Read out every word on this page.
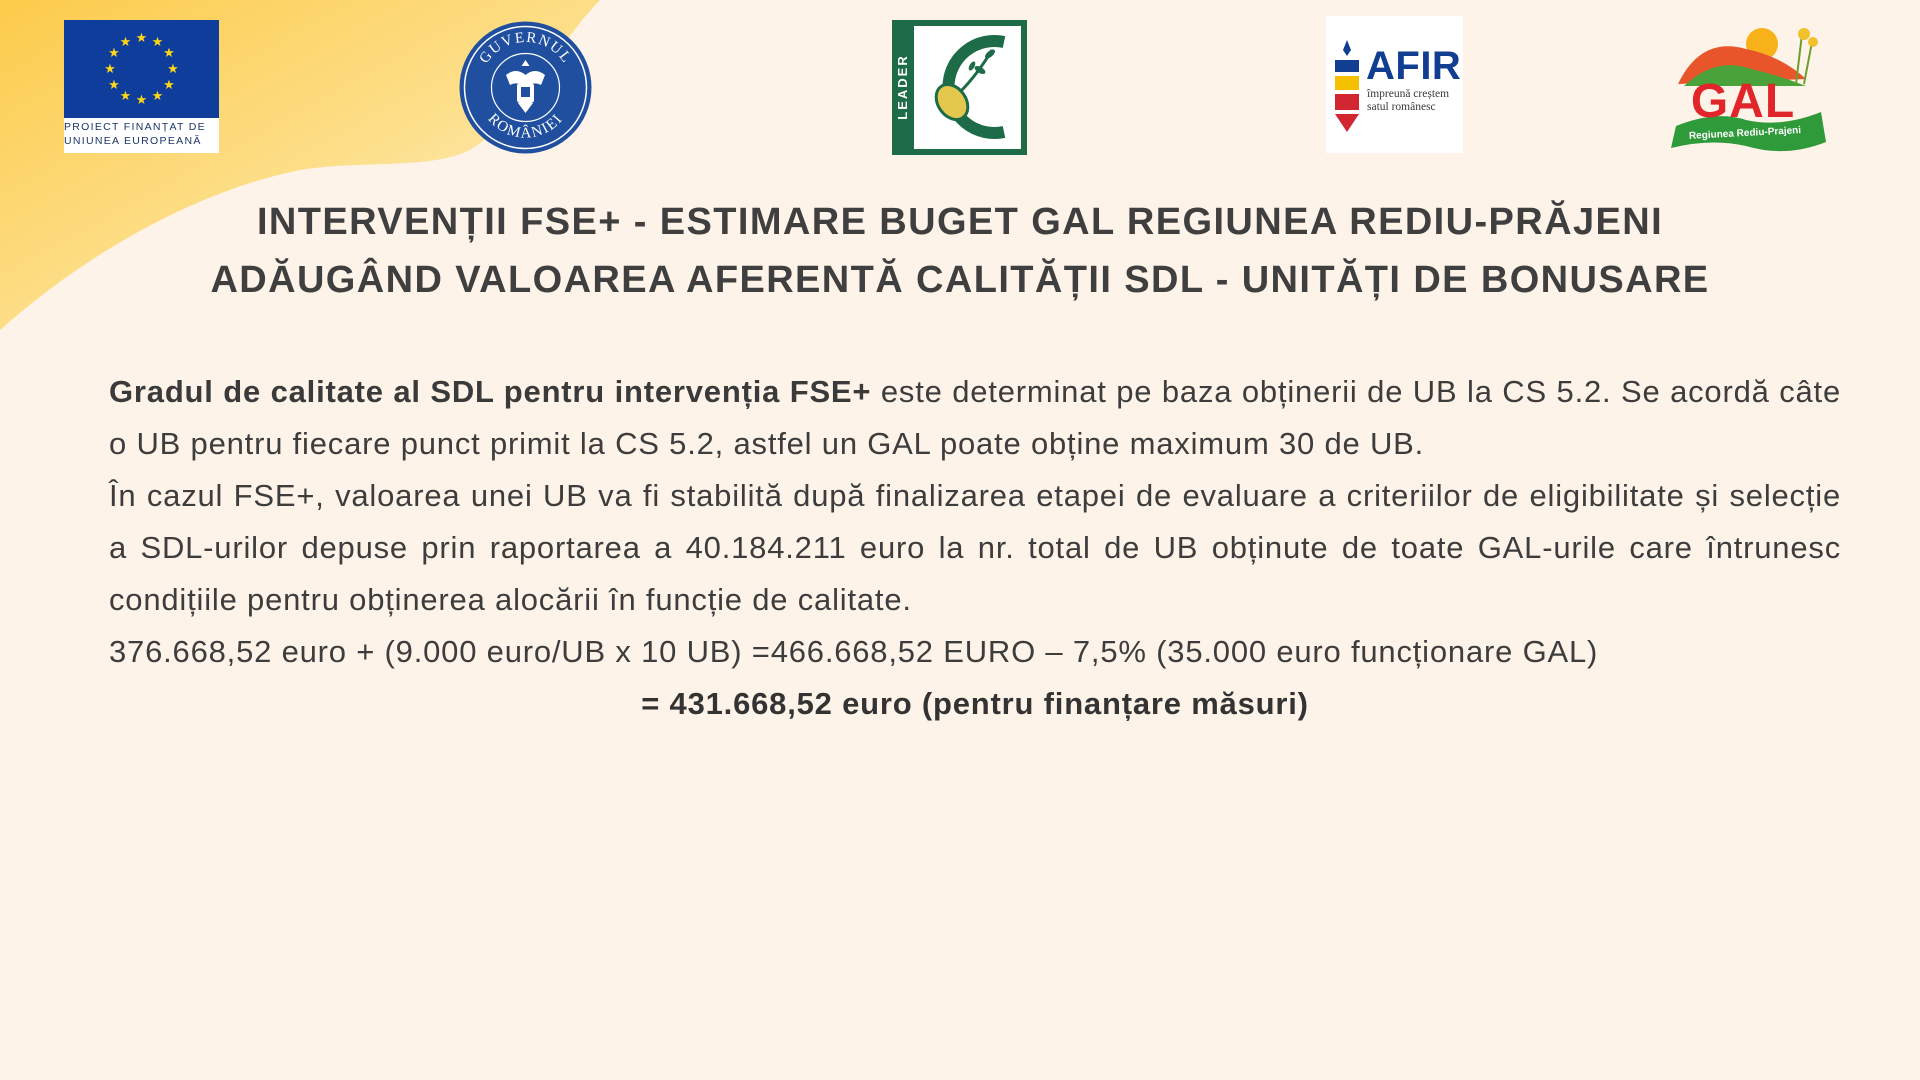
★ ★
★
★
★
★
★
★
★
★
★
★
PROIECT FINANȚAT DE
UNIUNEA EUROPEANĂ
GUVERNUL
ROMÂNIEI	LEADER	AFIR
împreună creștem
satul românesc	GAL
Regiunea Rediu-Prajeni
INTERVENȚII FSE+ - ESTIMARE BUGET GAL REGIUNEA REDIU-PRĂJENI
ADĂUGÂND VALOAREA AFERENTĂ CALITĂȚII SDL - UNITĂȚI DE BONUSARE

Gradul de calitate al SDL pentru intervenția FSE+ este determinat pe baza obținerii de UB la CS 5.2. Se acordă câte o UB pentru fiecare punct primit la CS 5.2, astfel un GAL poate obține maximum 30 de UB.

În cazul FSE+, valoarea unei UB va fi stabilită după finalizarea etapei de evaluare a criteriilor de eligibilitate și selecție a SDL-urilor depuse prin raportarea a 40.184.211 euro la nr. total de UB obținute de toate GAL-urile care întrunesc condițiile pentru obținerea alocării în funcție de calitate.

376.668,52 euro + (9.000 euro/UB x 10 UB) =466.668,52 EURO – 7,5% (35.000 euro funcționare GAL)

= 431.668,52 euro (pentru finanțare măsuri)
